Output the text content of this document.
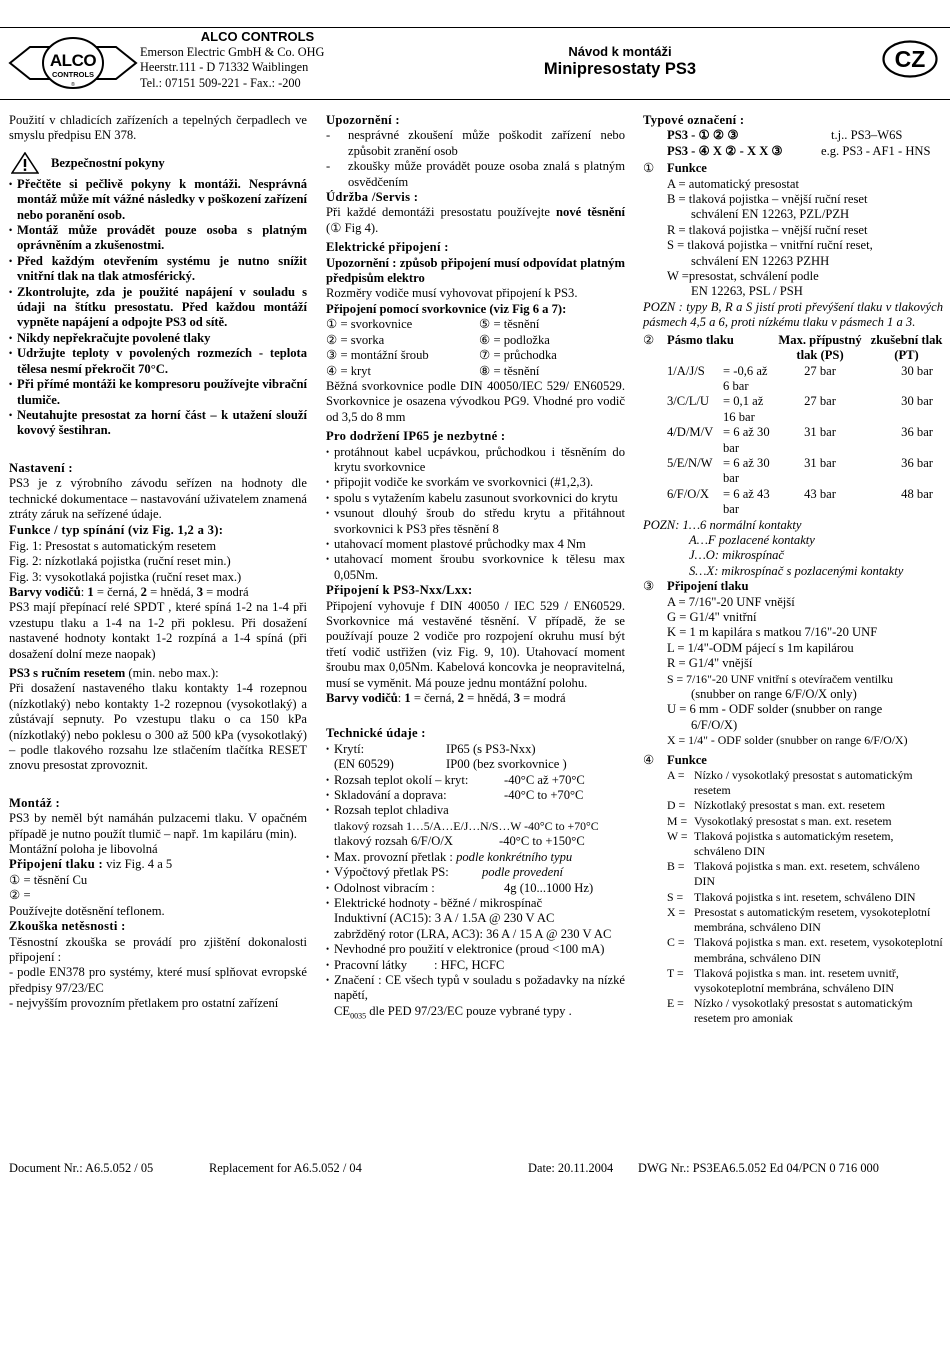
ALCO
CONTROLS
®
ALCO CONTROLS
Emerson Electric GmbH & Co. OHG
Heerstr.111 - D 71332 Waiblingen
Tel.: 07151 509-221 - Fax.: -200
Návod k montáži
Minipresostaty PS3	CZ

Použití v chladicích zařízeních a tepelných čerpadlech ve smyslu předpisu EN 378.

Bezpečnostní pokyny
• Přečtěte si pečlivě pokyny k montáži. Nesprávná montáž může mít vážné následky v poškození zařízení nebo poranění osob.
• Montáž může provádět pouze osoba s platným oprávněním a zkušenostmi.
• Před každým otevřením systému je nutno snížit vnitřní tlak na tlak atmosférický.
• Zkontrolujte, zda je použité napájení v souladu s údaji na štítku presostatu. Před každou montáží vypněte napájení a odpojte PS3 od sítě.
• Nikdy nepřekračujte povolené tlaky
• Udržujte teploty v povolených rozmezích - teplota tělesa nesmí překročit 70°C.
• Při přímé montáži ke kompresoru používejte vibrační tlumiče.
• Neutahujte presostat za horní část – k utažení slouží kovový šestihran.

Nastavení :

PS3 je z výrobního závodu seřízen na hodnoty dle technické dokumentace – nastavování uživatelem znamená ztráty záruk na seřízené údaje.

Funkce / typ spínání (viz Fig. 1,2 a 3):

Fig. 1: Presostat s automatickým resetem

Fig. 2: nízkotlaká pojistka (ruční reset min.)

Fig. 3: vysokotlaká pojistka (ruční reset max.)

Barvy vodičů: 1 = černá, 2 = hnědá, 3 = modrá

PS3 mají přepínací relé SPDT , které spíná 1-2 na 1-4 při vzestupu tlaku a 1-4 na 1-2 při poklesu. Při dosažení nastavené hodnoty kontakt 1-2 rozpíná a 1-4 spíná (při dosažení dolní meze naopak)

PS3 s ručním resetem (min. nebo max.):

Při dosažení nastaveného tlaku kontakty 1-4 rozepnou (nízkotlaký) nebo kontakty 1-2 rozepnou (vysokotlaký) a zůstávají sepnuty. Po vzestupu tlaku o ca 150 kPa (nízkotlaký) nebo poklesu o 300 až 500 kPa (vysokotlaký) – podle tlakového rozsahu lze stlačením tlačítka RESET znovu presostat zprovoznit.

Montáž :

PS3 by neměl být namáhán pulzacemi tlaku. V opačném případě je nutno použít tlumič – např. 1m kapiláru (min).

Montážní poloha je libovolná

Připojení tlaku : viz Fig. 4 a 5

① = těsnění Cu

② =

Používejte dotěsnění teflonem.

Zkouška netěsnosti :

Těsnostní zkouška se provádí pro zjištění dokonalosti připojení :

- podle EN378 pro systémy, které musí splňovat evropské předpisy 97/23/EC

- nejvyšším provozním přetlakem pro ostatní zařízení

Upozornění :

- nesprávné zkoušení může poškodit zařízení nebo způsobit zranění osob
- zkoušky může provádět pouze osoba znalá s platným osvědčením

Údržba /Servis :

Při každé demontáži presostatu používejte nové těsnění (① Fig 4).

Elektrické připojení :

Upozornění : způsob připojení musí odpovídat platným předpisům elektro

Rozměry vodiče musí vyhovovat připojení k PS3.

Připojení pomocí svorkovnice (viz Fig 6 a 7):

① = svorkovnice	⑤ = těsnění
② = svorka	⑥ = podložka
③ = montážní šroub	⑦ = průchodka
④ = kryt	⑧ = těsnění

Běžná svorkovnice podle DIN 40050/IEC 529/ EN60529. Svorkovnice je osazena vývodkou PG9. Vhodné pro vodič od 3,5 do 8 mm

Pro dodržení IP65 je nezbytné :

• protáhnout kabel ucpávkou, průchodkou i těsněním do krytu svorkovnice
• připojit vodiče ke svorkám ve svorkovnici (#1,2,3).
• spolu s vytažením kabelu zasunout svorkovnici do krytu
• vsunout dlouhý šroub do středu krytu a přitáhnout svorkovnici k PS3 přes těsnění 8
• utahovací moment plastové průchodky max 4 Nm
• utahovací moment šroubu svorkovnice k tělesu max 0,05Nm.

Připojení k PS3-Nxx/Lxx:

Připojení vyhovuje f DIN 40050 / IEC 529 / EN60529. Svorkovnice má vestavěné těsnění. V případě, že se používají pouze 2 vodiče pro rozpojení okruhu musí být třetí vodič ustřižen (viz Fig. 9, 10). Utahovací moment šroubu max 0,05Nm. Kabelová koncovka je neopravitelná, musí se vyměnit. Má pouze jednu montážní polohu.

Barvy vodičů: 1 = černá, 2 = hnědá, 3 = modrá

Technické údaje :

• Krytí:	IP65 (s PS3-Nxx)
(EN 60529)	IP00 (bez svorkovnice )
• Rozsah teplot okolí – kryt:	-40°C až +70°C
• Skladování a doprava:	-40°C to +70°C
• Rozsah teplot chladiva
tlakový rozsah 1…5/A…E/J…N/S…W -40°C to +70°C
tlakový rozsah 6/F/O/X	-40°C to +150°C
• Max. provozní přetlak : podle konkrétního typu
• Výpočtový přetlak PS:	podle provedení
• Odolnost vibracím :	4g (10...1000 Hz)
• Elektrické hodnoty - běžné / mikrospínač
Induktivní (AC15): 3 A / 1.5A @ 230 V AC
zabržděný rotor (LRA, AC3): 36 A / 15 A @ 230 V AC
• Nevhodné pro použití v elektronice (proud <100 mA)
• Pracovní látky : HFC, HCFC
• Značení : CE všech typů v souladu s požadavky na nízké napětí,
$CE_{0035}$ dle PED 97/23/EC pouze vybrané typy .

Typové označení :

PS3 - ① ② ③	t.j.. PS3–W6S
PS3 - ④ X ② - X X ③	e.g. PS3 - AF1 - HNS

① Funkce

A = automatický presostat

B = tlaková pojistka – vnější ruční reset

schválení EN 12263, PZL/PZH

R = tlaková pojistka – vnější ruční reset

S = tlaková pojistka – vnitřní ruční reset,

schválení EN 12263 PZHH

W =presostat, schválení podle

EN 12263, PSL / PSH

POZN : typy B, R a S jistí proti převýšení tlaku v tlakových pásmech 4,5 a 6, proti nízkému tlaku v pásmech 1 a 3.

② Pásmo tlaku		Max. přípustný tlak (PS)	zkušební tlak (PT)
1/A/J/S	= -0,6 až 6 bar	27 bar	30 bar
3/C/L/U	= 0,1 až 16 bar	27 bar	30 bar
4/D/M/V	= 6 až 30 bar	31 bar	36 bar
5/E/N/W	= 6 až 30 bar	31 bar	36 bar
6/F/O/X	= 6 až 43 bar	43 bar	48 bar

POZN: 1…6 normální kontakty

A…F pozlacené kontakty

J…O: mikrospínač

S…X: mikrospínač s pozlacenými kontakty

③ Připojení tlaku

A = 7/16"-20 UNF vnější

G = G1/4" vnitřní

K = 1 m kapilára s matkou 7/16"-20 UNF

L = 1/4"-ODM pájecí s 1m kapilárou

R = G1/4" vnější

S = 7/16"-20 UNF vnitřní s otevíračem ventilku

(snubber on range 6/F/O/X only)

U = 6 mm - ODF solder (snubber on range

6/F/O/X)

X = 1/4" - ODF solder (snubber on range 6/F/O/X)

④ Funkce

A = Nízko / vysokotlaký presostat s automatickým resetem
D = Nízkotlaký presostat s man. ext. resetem
M = Vysokotlaký presostat s man. ext. resetem
W = Tlaková pojistka s automatickým resetem, schváleno DIN
B = Tlaková pojistka s man. ext. resetem, schváleno DIN
S = Tlaková pojistka s int. resetem, schváleno DIN
X = Presostat s automatickým resetem, vysokoteplotní membrána, schváleno DIN
C = Tlaková pojistka s man. ext. resetem, vysokoteplotní membrána, schváleno DIN
T = Tlaková pojistka s man. int. resetem uvnitř, vysokoteplotní membrána, schváleno DIN
E = Nízko / vysokotlaký presostat s automatickým resetem pro amoniak
Document Nr.: A6.5.052 / 05	Replacement for A6.5.052 / 04	Date: 20.11.2004 DWG Nr.: PS3EA6.5.052 Ed 04/PCN 0 716 000
